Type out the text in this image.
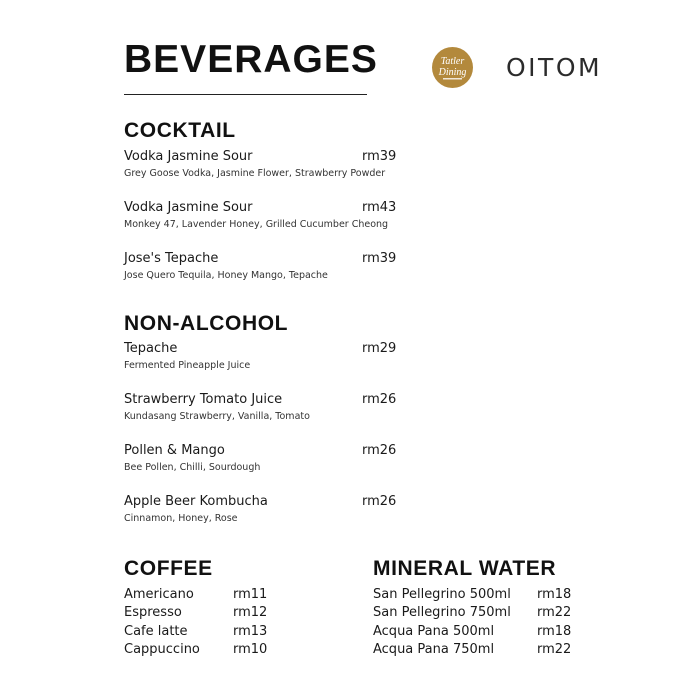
BEVERAGES	Tatler
Dining OITOM
COCKTAIL
Vodka Jasmine Sour	rm39
Grey Goose Vodka, Jasmine Flower, Strawberry Powder
Vodka Jasmine Sour	rm43
Monkey 47, Lavender Honey, Grilled Cucumber Cheong
Jose's Tepache	rm39
Jose Quero Tequila, Honey Mango, Tepache
NON-ALCOHOL
Tepache	rm29
Fermented Pineapple Juice
Strawberry Tomato Juice	rm26
Kundasang Strawberry, Vanilla, Tomato
Pollen & Mango	rm26
Bee Pollen, Chilli, Sourdough
Apple Beer Kombucha	rm26
Cinnamon, Honey, Rose
COFFEE
Americano	rm11
Espresso	rm12
Cafe latte	rm13
Cappuccino	rm10
MINERAL WATER
San Pellegrino 500ml	rm18
San Pellegrino 750ml	rm22
Acqua Pana 500ml	rm18
Acqua Pana 750ml	rm22
